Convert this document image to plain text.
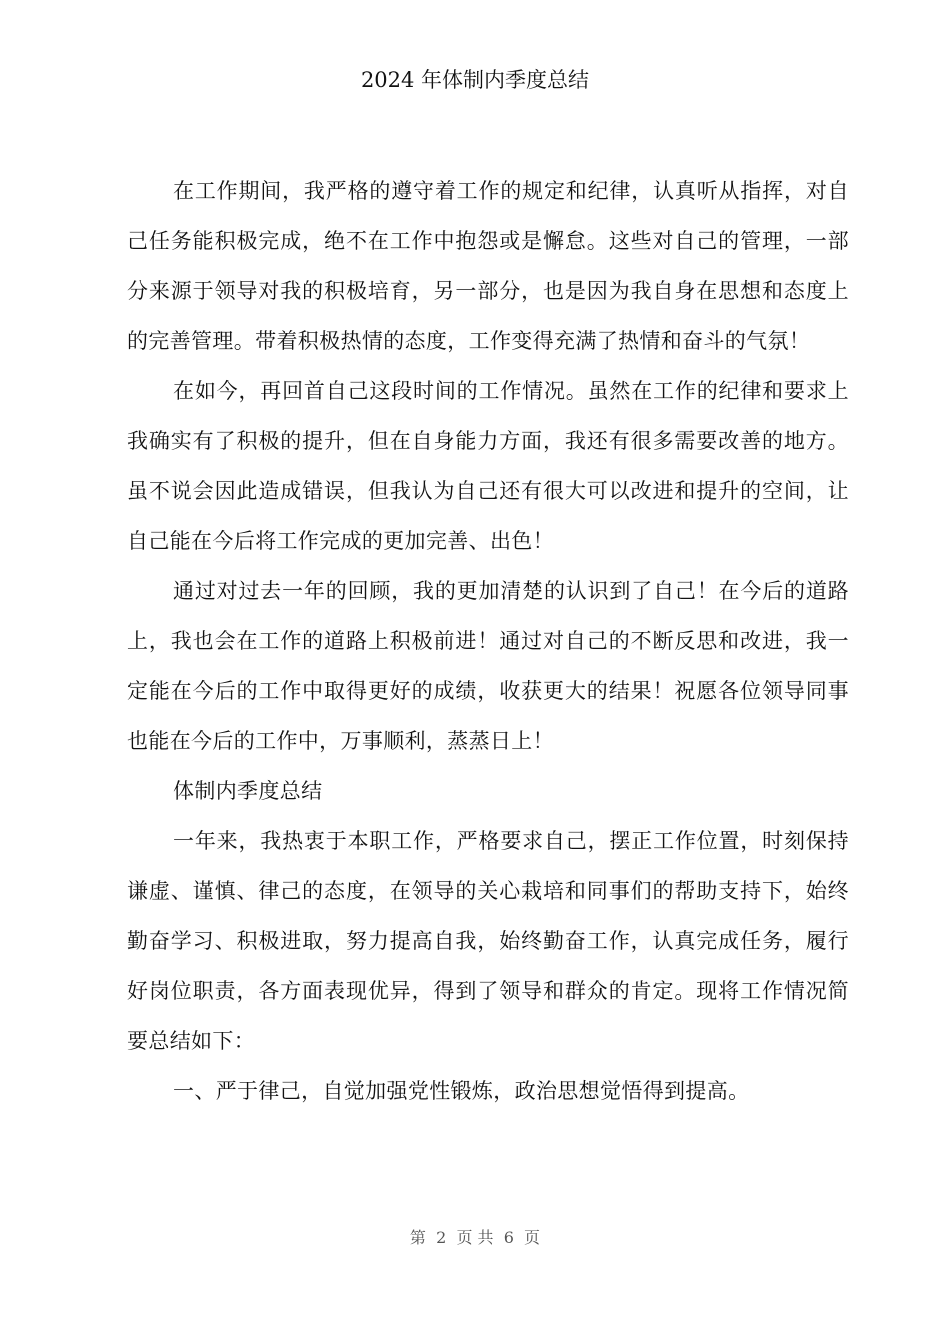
2024 年体制内季度总结

在工作期间，我严格的遵守着工作的规定和纪律，认真听从指挥，对自己任务能积极完成，绝不在工作中抱怨或是懈怠。这些对自己的管理，一部分来源于领导对我的积极培育，另一部分，也是因为我自身在思想和态度上的完善管理。带着积极热情的态度，工作变得充满了热情和奋斗的气氛！

在如今，再回首自己这段时间的工作情况。虽然在工作的纪律和要求上我确实有了积极的提升，但在自身能力方面，我还有很多需要改善的地方。虽不说会因此造成错误，但我认为自己还有很大可以改进和提升的空间，让自己能在今后将工作完成的更加完善、出色！

通过对过去一年的回顾，我的更加清楚的认识到了自己！在今后的道路上，我也会在工作的道路上积极前进！通过对自己的不断反思和改进，我一定能在今后的工作中取得更好的成绩，收获更大的结果！祝愿各位领导同事也能在今后的工作中，万事顺利，蒸蒸日上！

体制内季度总结

一年来，我热衷于本职工作，严格要求自己，摆正工作位置，时刻保持谦虚、谨慎、律己的态度，在领导的关心栽培和同事们的帮助支持下，始终勤奋学习、积极进取，努力提高自我，始终勤奋工作，认真完成任务，履行好岗位职责，各方面表现优异，得到了领导和群众的肯定。现将工作情况简要总结如下：

一、严于律己，自觉加强党性锻炼，政治思想觉悟得到提高。

第  2  页 共  6  页
